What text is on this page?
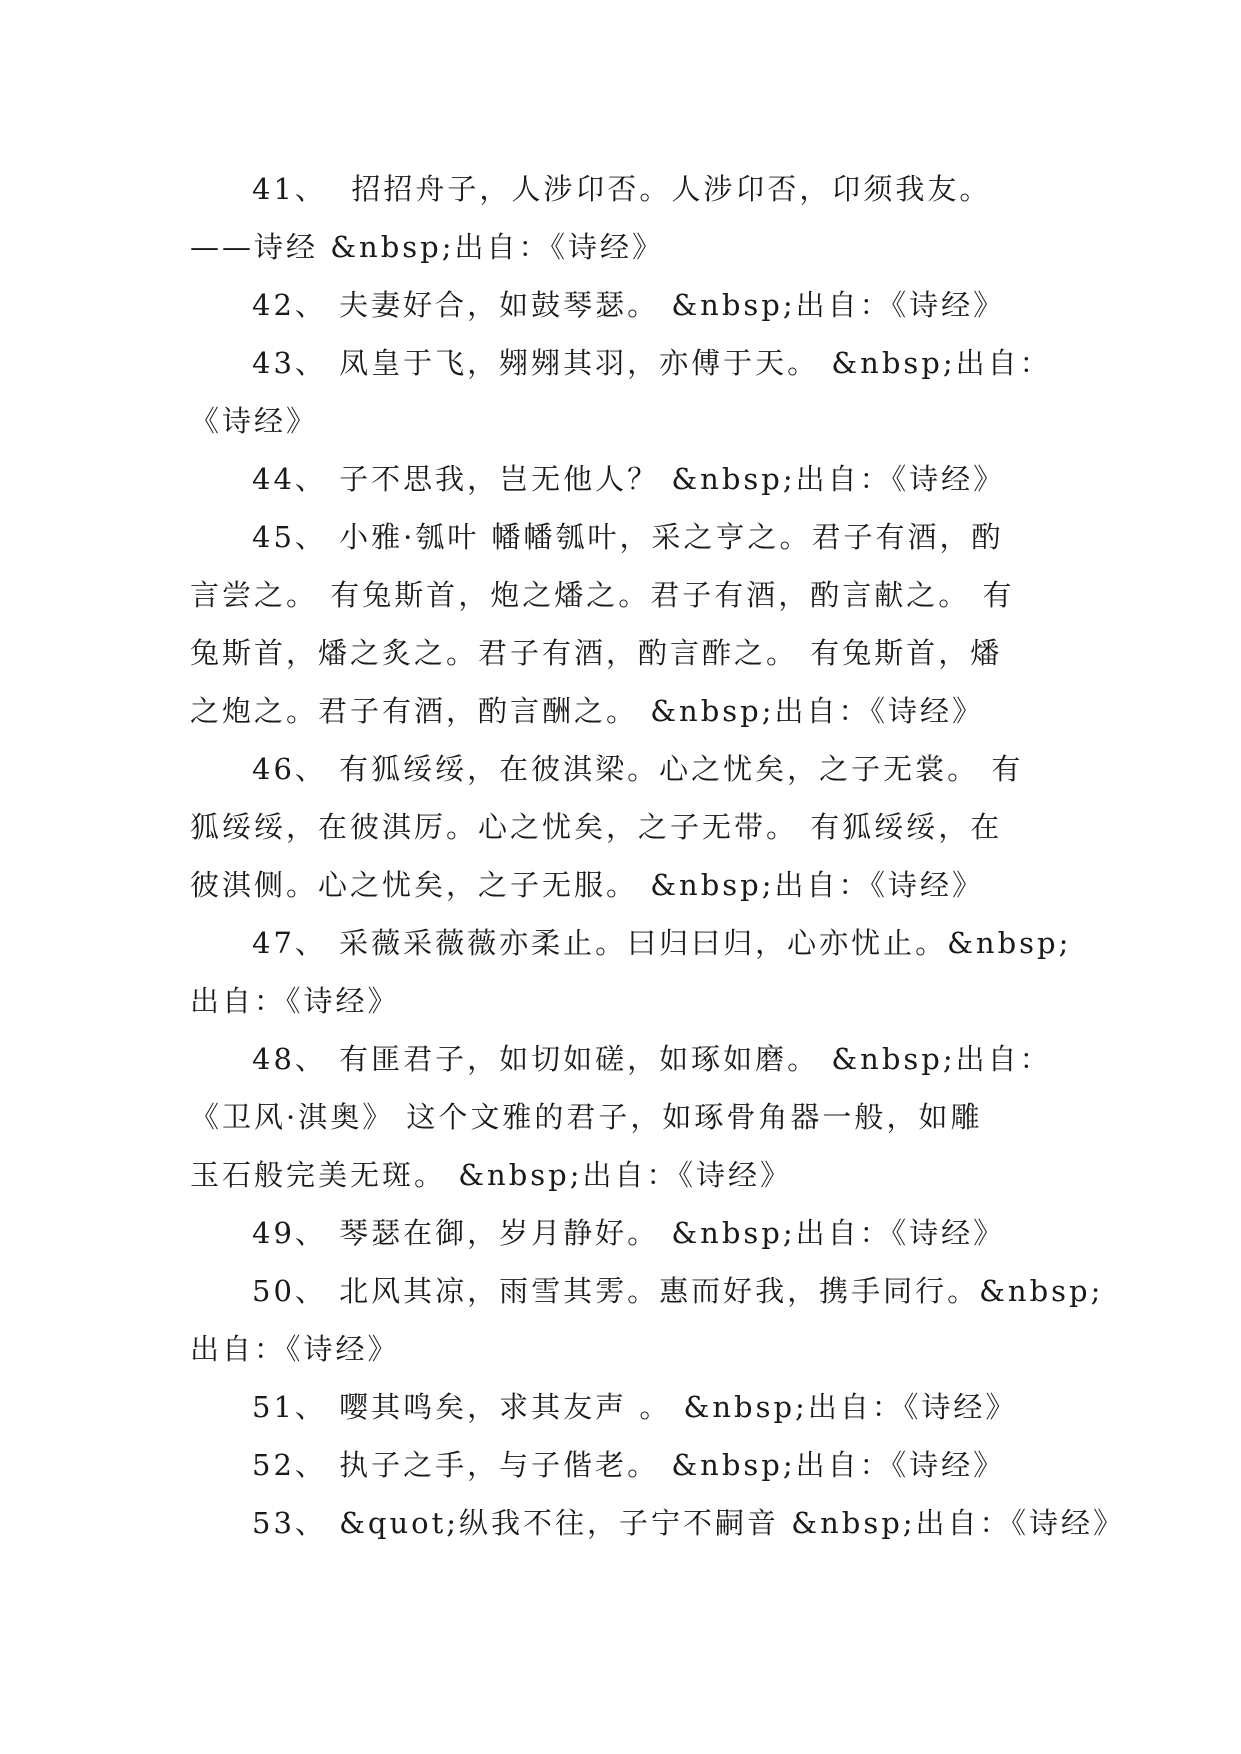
41、  招招舟子，人涉卬否。人涉卬否，卬须我友。
——诗经 &nbsp;出自：《诗经》
42、 夫妻好合，如鼓琴瑟。 &nbsp;出自：《诗经》
43、 凤皇于飞，翙翙其羽，亦傅于天。 &nbsp;出自：
《诗经》
44、 子不思我，岂无他人？ &nbsp;出自：《诗经》
45、 小雅·瓠叶 幡幡瓠叶，采之亨之。君子有酒，酌
言尝之。 有兔斯首，炮之燔之。君子有酒，酌言献之。 有
兔斯首，燔之炙之。君子有酒，酌言酢之。 有兔斯首，燔
之炮之。君子有酒，酌言酬之。 &nbsp;出自：《诗经》
46、 有狐绥绥，在彼淇梁。心之忧矣，之子无裳。 有
狐绥绥，在彼淇厉。心之忧矣，之子无带。 有狐绥绥，在
彼淇侧。心之忧矣，之子无服。 &nbsp;出自：《诗经》
47、 采薇采薇薇亦柔止。曰归曰归，心亦忧止。&nbsp;
出自：《诗经》
48、 有匪君子，如切如磋，如琢如磨。 &nbsp;出自：
《卫风·淇奥》 这个文雅的君子，如琢骨角器一般，如雕
玉石般完美无斑。 &nbsp;出自：《诗经》
49、 琴瑟在御，岁月静好。 &nbsp;出自：《诗经》
50、 北风其凉，雨雪其雱。惠而好我，携手同行。&nbsp;
出自：《诗经》
51、 嘤其鸣矣，求其友声 。 &nbsp;出自：《诗经》
52、 执子之手，与子偕老。 &nbsp;出自：《诗经》
53、 &quot;纵我不往，子宁不嗣音 &nbsp;出自：《诗经》
